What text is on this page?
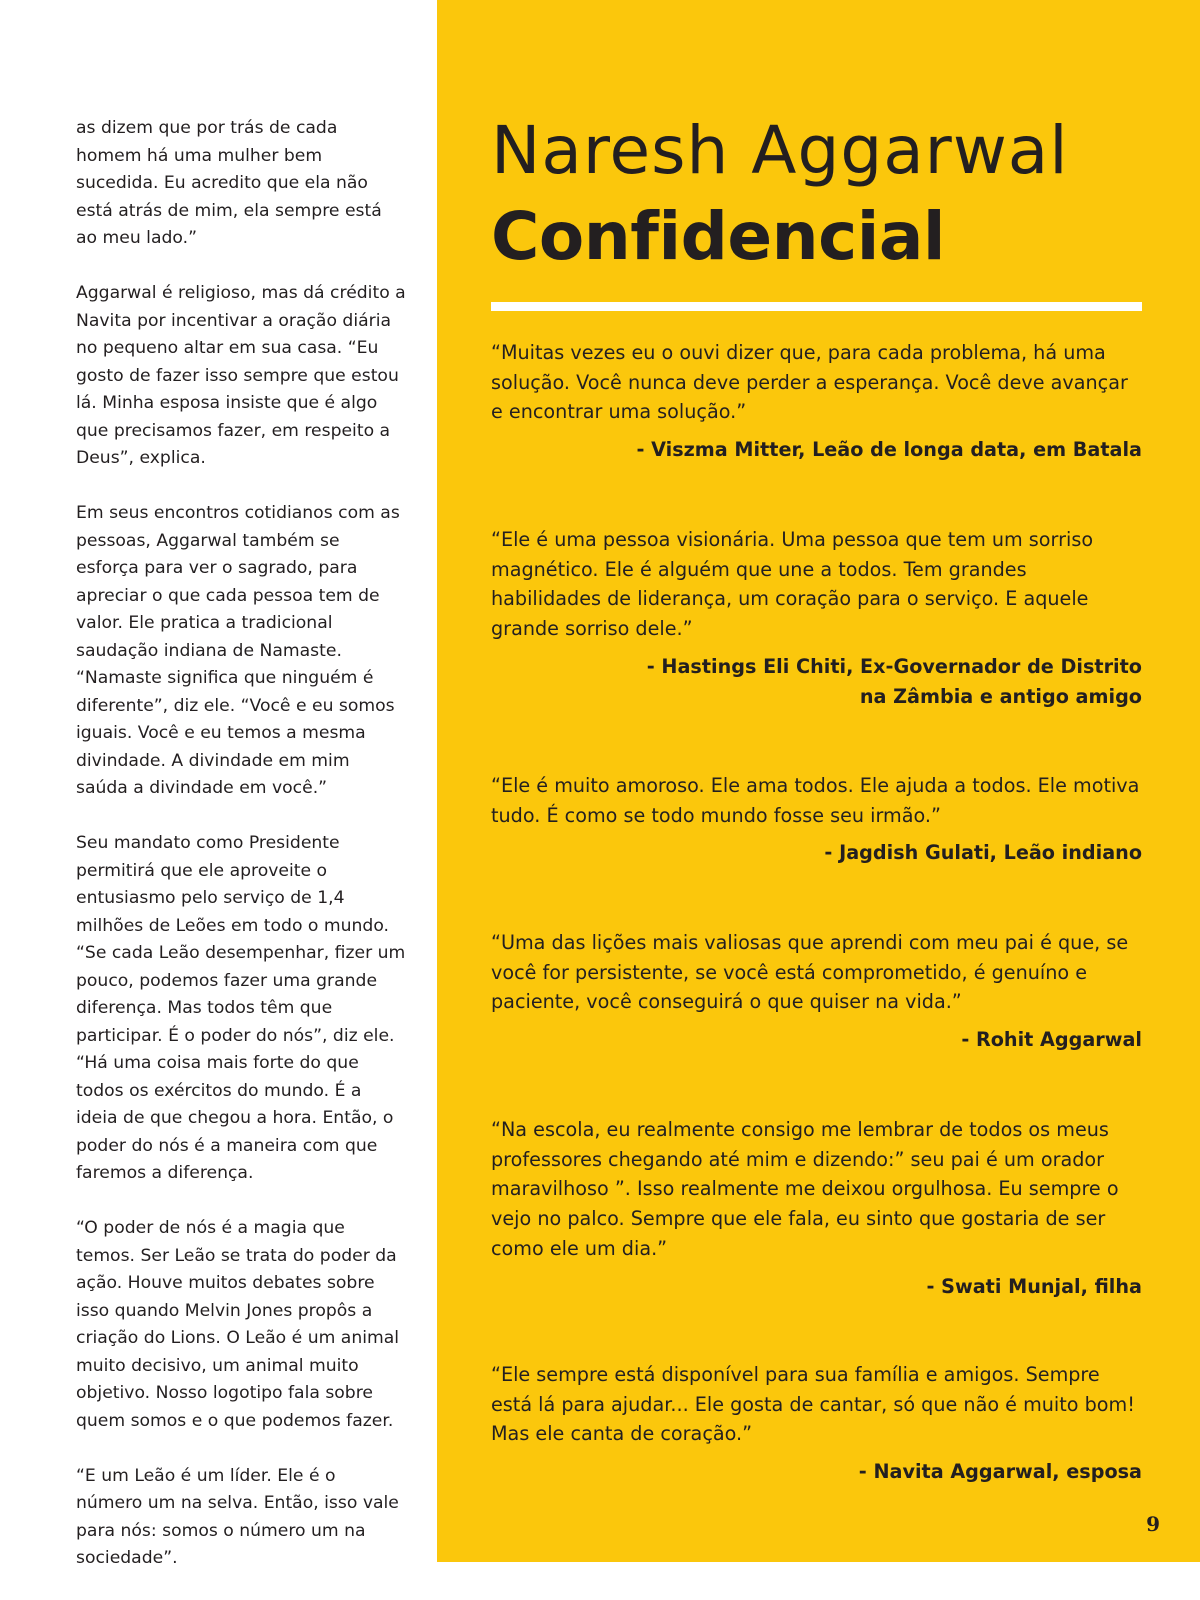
as dizem que por trás de cada homem há uma mulher bem sucedida. Eu acredito que ela não está atrás de mim, ela sempre está ao meu lado.”

Aggarwal é religioso, mas dá crédito a Navita por incentivar a oração diária no pequeno altar em sua casa. “Eu gosto de fazer isso sempre que estou lá. Minha esposa insiste que é algo que precisamos fazer, em respeito a Deus”, explica.

Em seus encontros cotidianos com as pessoas, Aggarwal também se esforça para ver o sagrado, para apreciar o que cada pessoa tem de valor. Ele pratica a tradicional saudação indiana de Namaste. “Namaste significa que ninguém é diferente”, diz ele. “Você e eu somos iguais. Você e eu temos a mesma divindade. A divindade em mim saúda a divindade em você.”

Seu mandato como Presidente permitirá que ele aproveite o entusiasmo pelo serviço de 1,4 milhões de Leões em todo o mundo. “Se cada Leão desempenhar, fizer um pouco, podemos fazer uma grande diferença. Mas todos têm que participar. É o poder do nós”, diz ele. “Há uma coisa mais forte do que todos os exércitos do mundo. É a ideia de que chegou a hora. Então, o poder do nós é a maneira com que faremos a diferença.

“O poder de nós é a magia que temos. Ser Leão se trata do poder da ação. Houve muitos debates sobre isso quando Melvin Jones propôs a criação do Lions. O Leão é um animal muito decisivo, um animal muito objetivo. Nosso logotipo fala sobre quem somos e o que podemos fazer.

“E um Leão é um líder. Ele é o número um na selva. Então, isso vale para nós: somos o número um na sociedade”.

Naresh Aggarwal
Confidencial

“Muitas vezes eu o ouvi dizer que, para cada problema, há uma solução. Você nunca deve perder a esperança. Você deve avançar e encontrar uma solução.”

- Viszma Mitter, Leão de longa data, em Batala

“Ele é uma pessoa visionária. Uma pessoa que tem um sorriso magnético. Ele é alguém que une a todos. Tem grandes habilidades de liderança, um coração para o serviço. E aquele grande sorriso dele.”

- Hastings Eli Chiti, Ex-Governador de Distrito na Zâmbia e antigo amigo

“Ele é muito amoroso. Ele ama todos. Ele ajuda a todos. Ele motiva tudo. É como se todo mundo fosse seu irmão.”

- Jagdish Gulati, Leão indiano

“Uma das lições mais valiosas que aprendi com meu pai é que, se você for persistente, se você está comprometido, é genuíno e paciente, você conseguirá o que quiser na vida.”

- Rohit Aggarwal

“Na escola, eu realmente consigo me lembrar de todos os meus professores chegando até mim e dizendo:” seu pai é um orador maravilhoso ”. Isso realmente me deixou orgulhosa. Eu sempre o vejo no palco. Sempre que ele fala, eu sinto que gostaria de ser como ele um dia.”

- Swati Munjal, filha

“Ele sempre está disponível para sua família e amigos. Sempre está lá para ajudar... Ele gosta de cantar, só que não é muito bom! Mas ele canta de coração.”

- Navita Aggarwal, esposa

9
